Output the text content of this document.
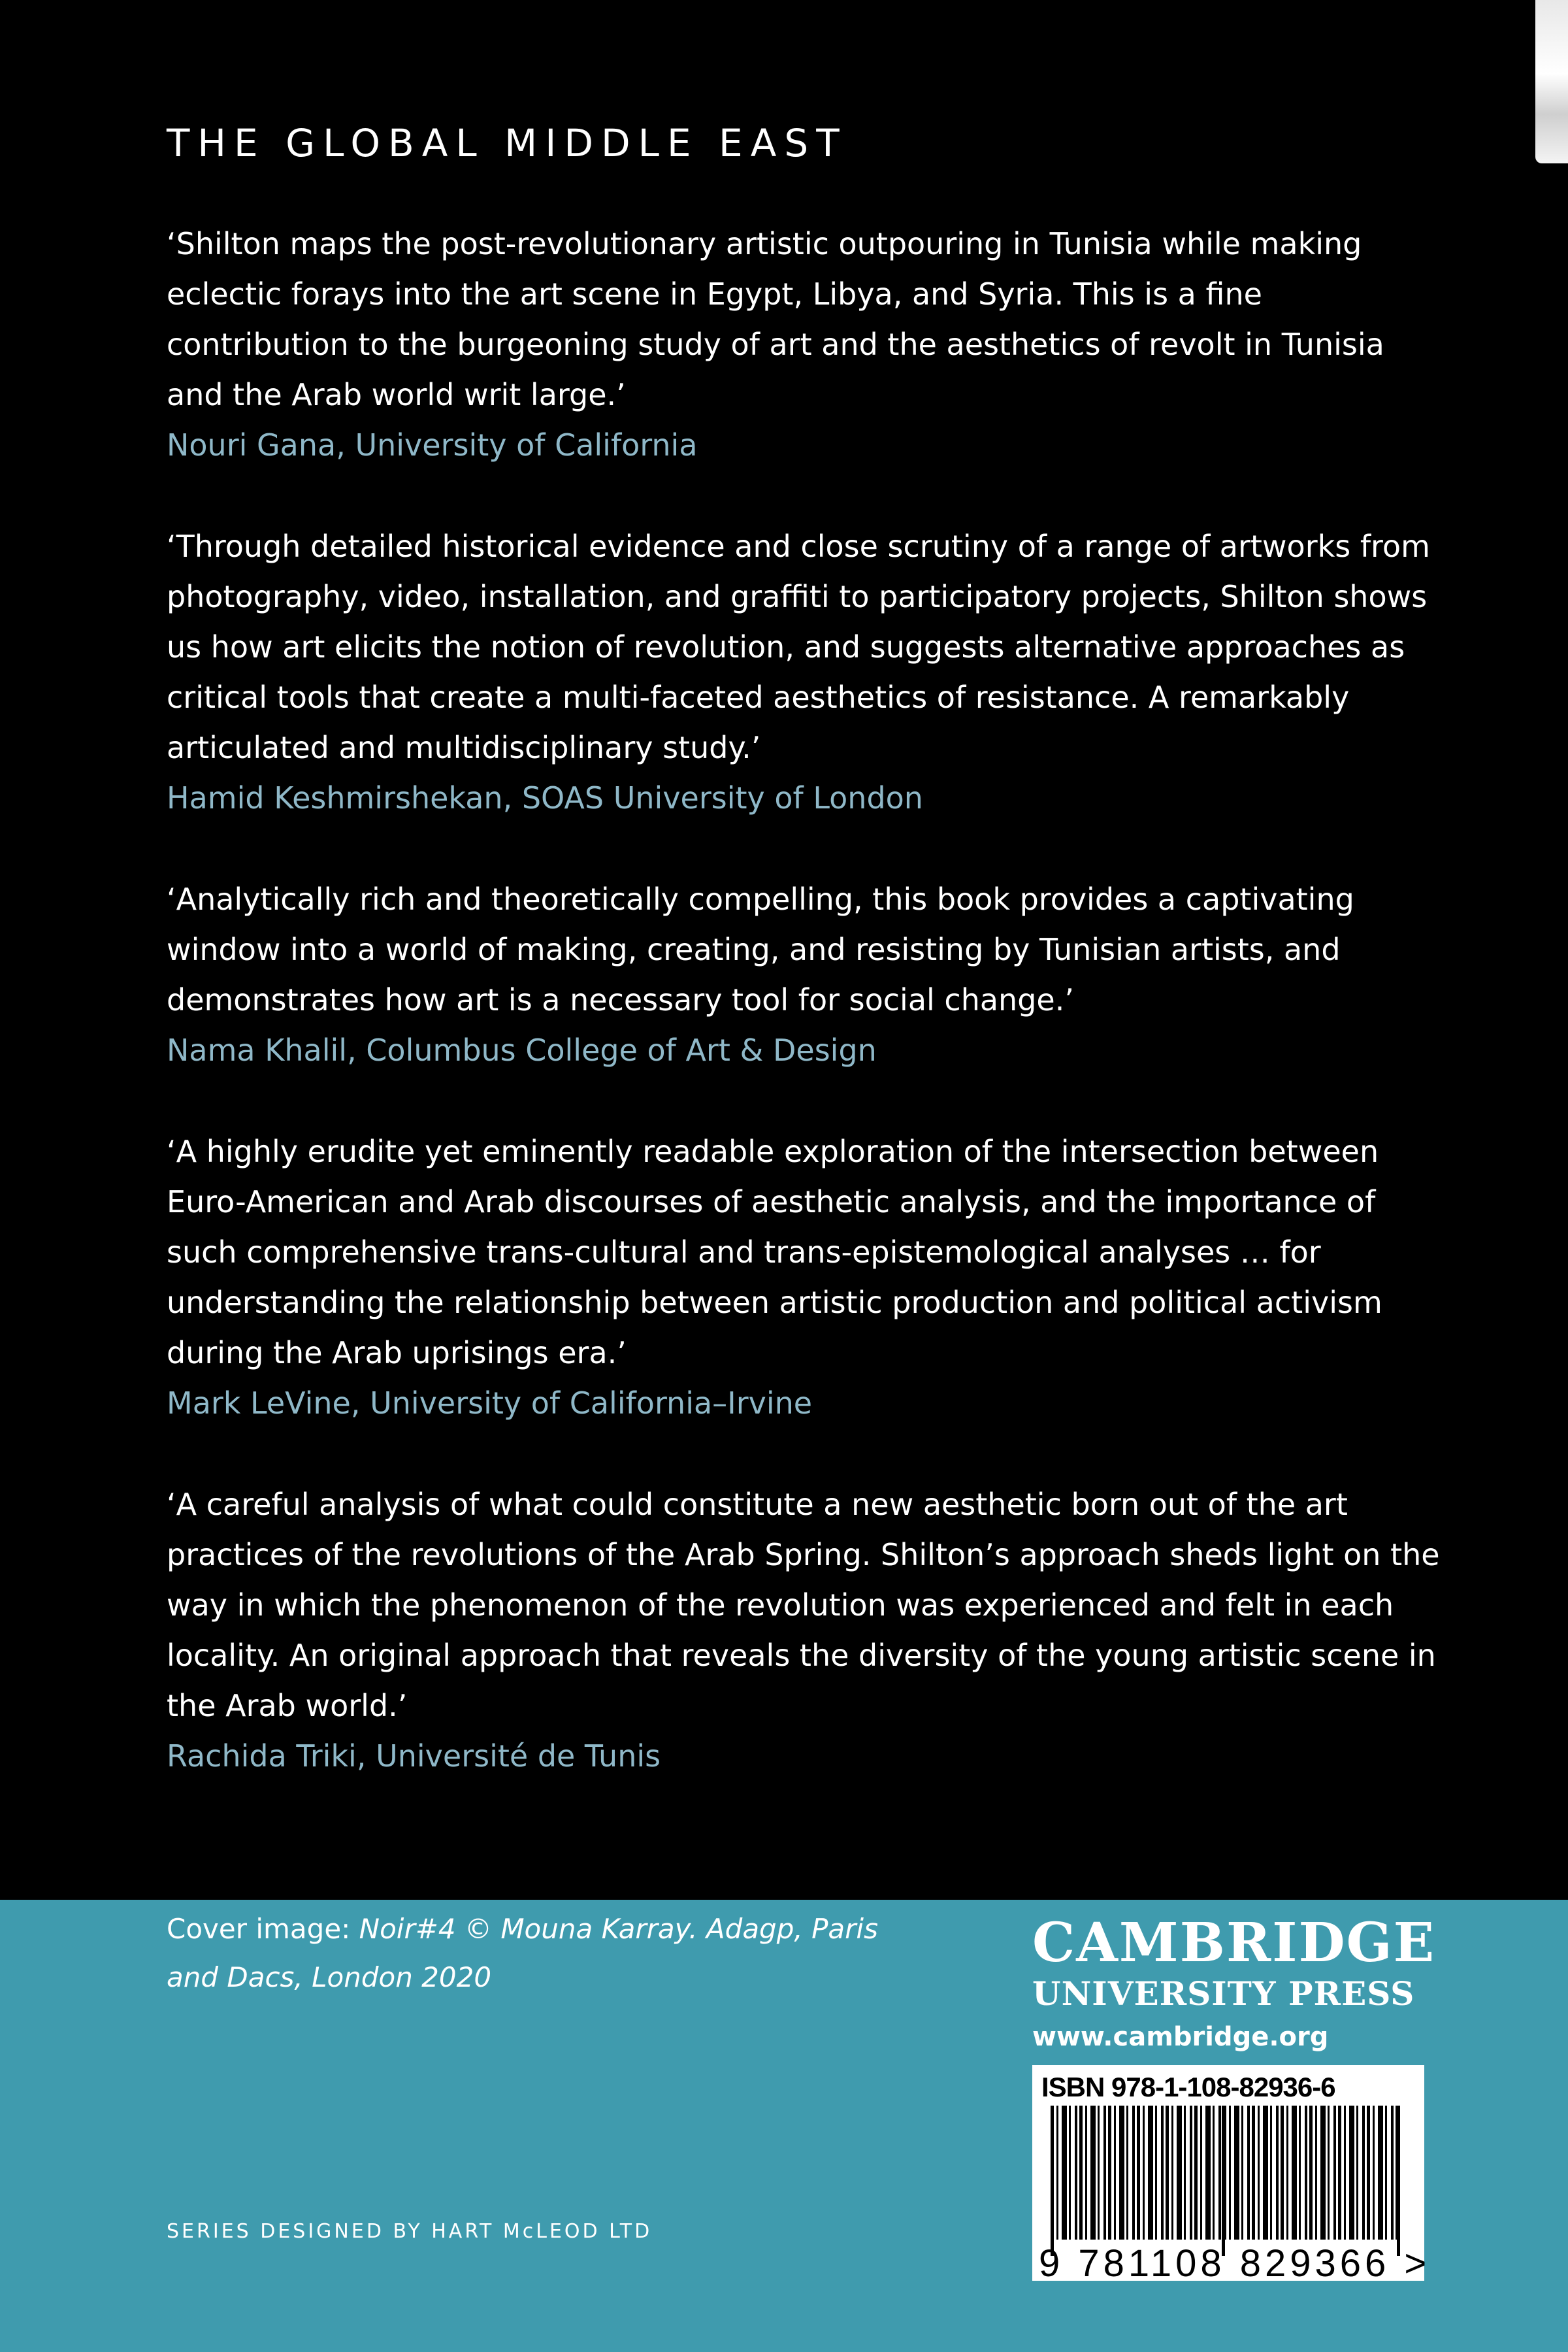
THE GLOBAL MIDDLE EAST

‘Shilton maps the post-revolutionary artistic outpouring in Tunisia while making eclectic forays into the art scene in Egypt, Libya, and Syria. This is a fine contribution to the burgeoning study of art and the aesthetics of revolt in Tunisia and the Arab world writ large.’

Nouri Gana, University of California

‘Through detailed historical evidence and close scrutiny of a range of artworks from photography, video, installation, and graffiti to participatory projects, Shilton shows us how art elicits the notion of revolution, and suggests alternative approaches as critical tools that create a multi-faceted aesthetics of resistance. A remarkably articulated and multidisciplinary study.’

Hamid Keshmirshekan, SOAS University of London

‘Analytically rich and theoretically compelling, this book provides a captivating window into a world of making, creating, and resisting by Tunisian artists, and demonstrates how art is a necessary tool for social change.’

Nama Khalil, Columbus College of Art & Design

‘A highly erudite yet eminently readable exploration of the intersection between Euro-American and Arab discourses of aesthetic analysis, and the importance of such comprehensive trans-cultural and trans-epistemological analyses … for understanding the relationship between artistic production and political activism during the Arab uprisings era.’

Mark LeVine, University of California–Irvine

‘A careful analysis of what could constitute a new aesthetic born out of the art practices of the revolutions of the Arab Spring. Shilton’s approach sheds light on the way in which the phenomenon of the revolution was experienced and felt in each locality. An original approach that reveals the diversity of the young artistic scene in the Arab world.’

Rachida Triki, Université de Tunis

Cover image: Noir#4 © Mouna Karray. Adagp, Paris and Dacs, London 2020
SERIES DESIGNED BY HART McLEOD LTD
CAMBRIDGE
UNIVERSITY PRESS
www.cambridge.org
ISBN 978-1-108-82936-6
9 781108 829366 >
